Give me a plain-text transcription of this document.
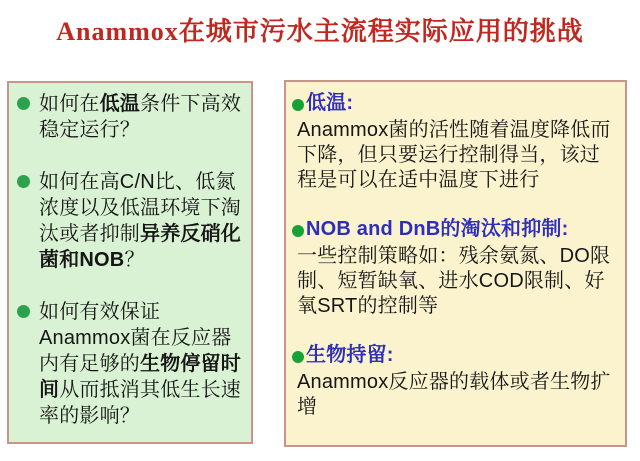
Anammox在城市污水主流程实际应用的挑战

如何在低温条件下高效稳定运行？

如何在高C/N比、低氮浓度以及低温环境下淘汰或者抑制异养反硝化菌和NOB？

如何有效保证Anammox菌在反应器内有足够的生物停留时间从而抵消其低生长速率的影响？

低温:

Anammox菌的活性随着温度降低而下降，但只要运行控制得当，该过程是可以在适中温度下进行

NOB and DnB的淘汰和抑制:

一些控制策略如：残余氨氮、DO限制、短暂缺氧、进水COD限制、好氧SRT的控制等

生物持留:

Anammox反应器的载体或者生物扩增
